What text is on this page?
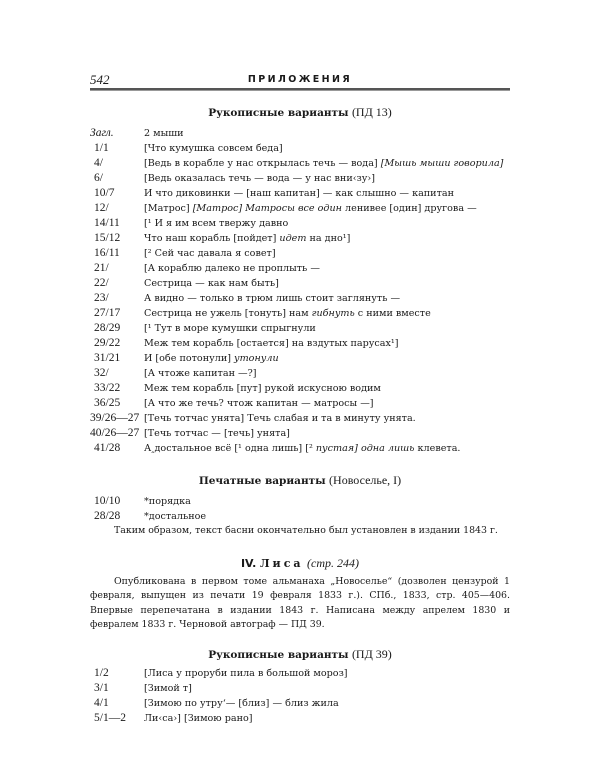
542	ПРИЛОЖЕНИЯ

Рукописные варианты (ПД 13)

Загл.	2 мыши
1/1	[Что кумушка совсем беда]
4/	[Ведь в корабле у нас открылась течь — вода] [Мышь мыши говорила]
6/	[Ведь оказалась течь — вода — у нас вни‹зу›]
10/7	И что диковинки — [наш капитан] — как слышно — капитан
12/	[Матрос] [Матрос] Матросы все один ленивее [один] другова —
14/11	[¹ И я им всем твержу давно
15/12	Что наш корабль [пойдет] идет на дно¹]
16/11	[² Сей час давала я совет]
21/	[А кораблю далеко не проплыть —
22/	Сестрица — как нам быть]
23/	А видно — только в трюм лишь стоит заглянуть —
27/17	Сестрица не ужель [тонуть] нам гибнуть с ними вместе
28/29	[¹ Тут в море кумушки спрыгнули
29/22	Меж тем корабль [остается] на вздутых парусах¹]
31/21	И [обе потонули] утонули
32/	[А чтоже капитан —?]
33/22	Меж тем корабль [пут] рукой искусною водим
36/25	[А что же течь? чтож капитан — матросы —]
39/26—27 [Течь тотчас унята] Течь слабая и та в минуту унята.
40/26—27 [Течь тотчас — [течь] унята]
41/28	А‸достальное всё [¹ одна лишь] [² пустая] одна лишь клевета.

Печатные варианты (Новоселье, I)

10/10	*порядка
28/28	*достальное

Таким образом, текст басни окончательно был установлен в издании 1843 г.

IV. Лиса (стр. 244)

Опубликована в первом томе альманаха „Новоселье“ (дозволен цензурой 1 февраля, выпущен из печати 19 февраля 1833 г.). СПб., 1833, стр. 405—406. Впервые перепечатана в издании 1843 г. Написана между апрелем 1830 и февралем 1833 г. Черновой автограф — ПД 39.

Рукописные варианты (ПД 39)

1/2	[Лиса у проруби пила в большой мороз]
3/1	[Зимой т]
4/1	[Зимою по утру‘— [близ] — близ жила
5/1—2	Ли‹са›] [Зимою рано]
